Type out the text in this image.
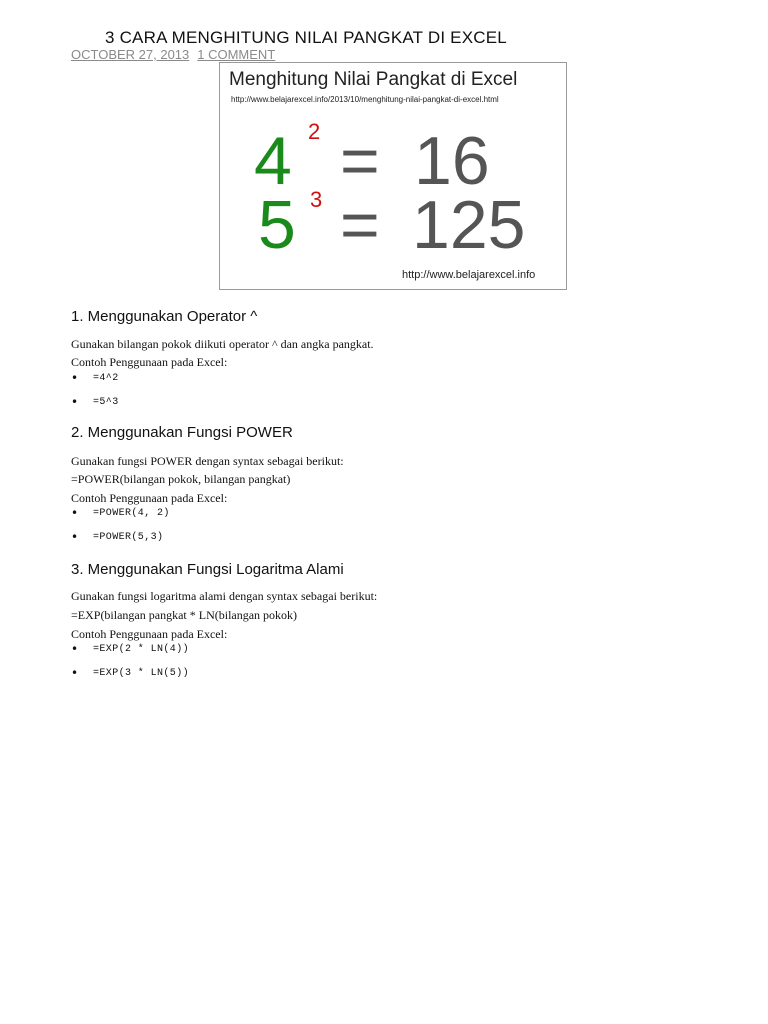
3 CARA MENGHITUNG NILAI PANGKAT DI EXCEL
OCTOBER 27, 2013 1 COMMENT
Menghitung Nilai Pangkat di Excel
http://www.belajarexcel.info/2013/10/menghitung-nilai-pangkat-di-excel.html
4 2 = 16
5 3 = 125
http://www.belajarexcel.info
1. Menggunakan Operator ^
Gunakan bilangan pokok diikuti operator ^ dan angka pangkat.
Contoh Penggunaan pada Excel:
• =4^2
• =5^3
2. Menggunakan Fungsi POWER
Gunakan fungsi POWER dengan syntax sebagai berikut:
=POWER(bilangan pokok, bilangan pangkat)
Contoh Penggunaan pada Excel:
• =POWER(4, 2)
• =POWER(5,3)
3. Menggunakan Fungsi Logaritma Alami
Gunakan fungsi logaritma alami dengan syntax sebagai berikut:
=EXP(bilangan pangkat * LN(bilangan pokok)
Contoh Penggunaan pada Excel:
• =EXP(2 * LN(4))
• =EXP(3 * LN(5))
